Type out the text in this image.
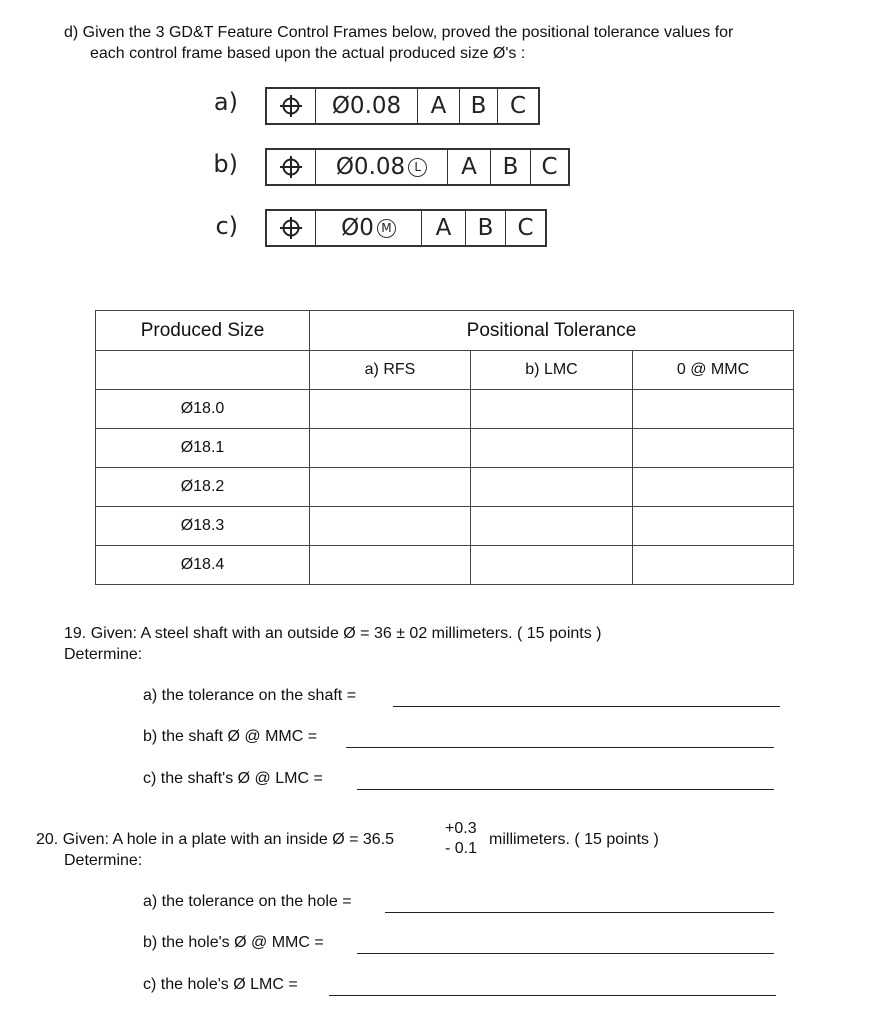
d) Given the 3 GD&T Feature Control Frames below, proved the positional tolerance values for
each control frame based upon the actual produced size Ø's :
a)	Ø0.08	A	B	C
b)	Ø0.08 L	A	B	C
c)	Ø0 M	A	B	C
Produced Size	Positional Tolerance		
	a) RFS	b) LMC	0 @ MMC
Ø18.0			
Ø18.1			
Ø18.2			
Ø18.3			
Ø18.4			
19. Given: A steel shaft with an outside Ø = 36 ± 02 millimeters. ( 15 points )
Determine:
a) the tolerance on the shaft =
b) the shaft Ø @ MMC =
c) the shaft's Ø @ LMC =
20. Given: A hole in a plate with an inside Ø = 36.5
+0.3
- 0.1
millimeters. ( 15 points )
Determine:
a) the tolerance on the hole =
b) the hole's Ø @ MMC =
c) the hole's Ø LMC =
